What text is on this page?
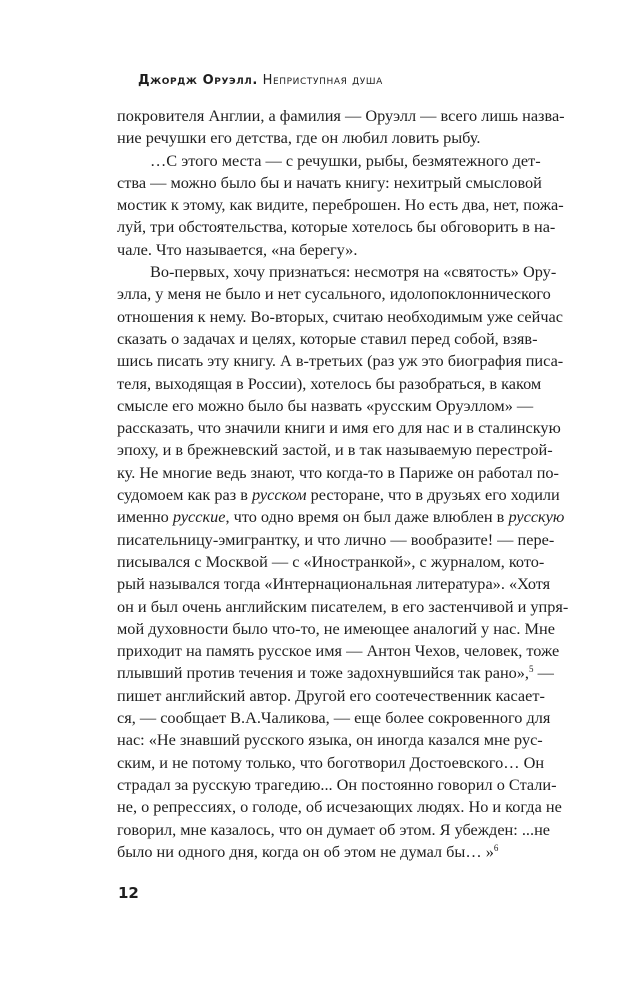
Джордж Оруэлл. Неприступная душа
покровителя Англии, а фамилия — Оруэлл — всего лишь назва-
ние речушки его детства, где он любил ловить рыбу.
…С этого места — с речушки, рыбы, безмятежного дет-
ства — можно было бы и начать книгу: нехитрый смысловой
мостик к этому, как видите, переброшен. Но есть два, нет, пожа-
луй, три обстоятельства, которые хотелось бы обговорить в на-
чале. Что называется, «на берегу».
Во-первых, хочу признаться: несмотря на «святость» Ору-
элла, у меня не было и нет сусального, идолопоклоннического
отношения к нему. Во-вторых, считаю необходимым уже сейчас
сказать о задачах и целях, которые ставил перед собой, взяв-
шись писать эту книгу. А в-третьих (раз уж это биография писа-
теля, выходящая в России), хотелось бы разобраться, в каком
смысле его можно было бы назвать «русским Оруэллом» —
рассказать, что значили книги и имя его для нас и в сталинскую
эпоху, и в брежневский застой, и в так называемую перестрой-
ку. Не многие ведь знают, что когда-то в Париже он работал по-
судомоем как раз в русском ресторане, что в друзьях его ходили
именно русские, что одно время он был даже влюблен в русскую
писательницу-эмигрантку, и что лично — вообразите! — пере-
писывался с Москвой — с «Иностранкой», с журналом, кото-
рый назывался тогда «Интернациональная литература». «Хотя
он и был очень английским писателем, в его застенчивой и упря-
мой духовности было что-то, не имеющее аналогий у нас. Мне
приходит на память русское имя — Антон Чехов, человек, тоже
плывший против течения и тоже задохнувшийся так рано»,$^5$ —
пишет английский автор. Другой его соотечественник касает-
ся, — сообщает В.А.Чаликова, — еще более сокровенного для
нас: «Не знавший русского языка, он иногда казался мне рус-
ским, и не потому только, что боготворил Достоевского… Он
страдал за русскую трагедию... Он постоянно говорил о Стали-
не, о репрессиях, о голоде, об исчезающих людях. Но и когда не
говорил, мне казалось, что он думает об этом. Я убежден: ...не
было ни одного дня, когда он об этом не думал бы… »$^6$
12
